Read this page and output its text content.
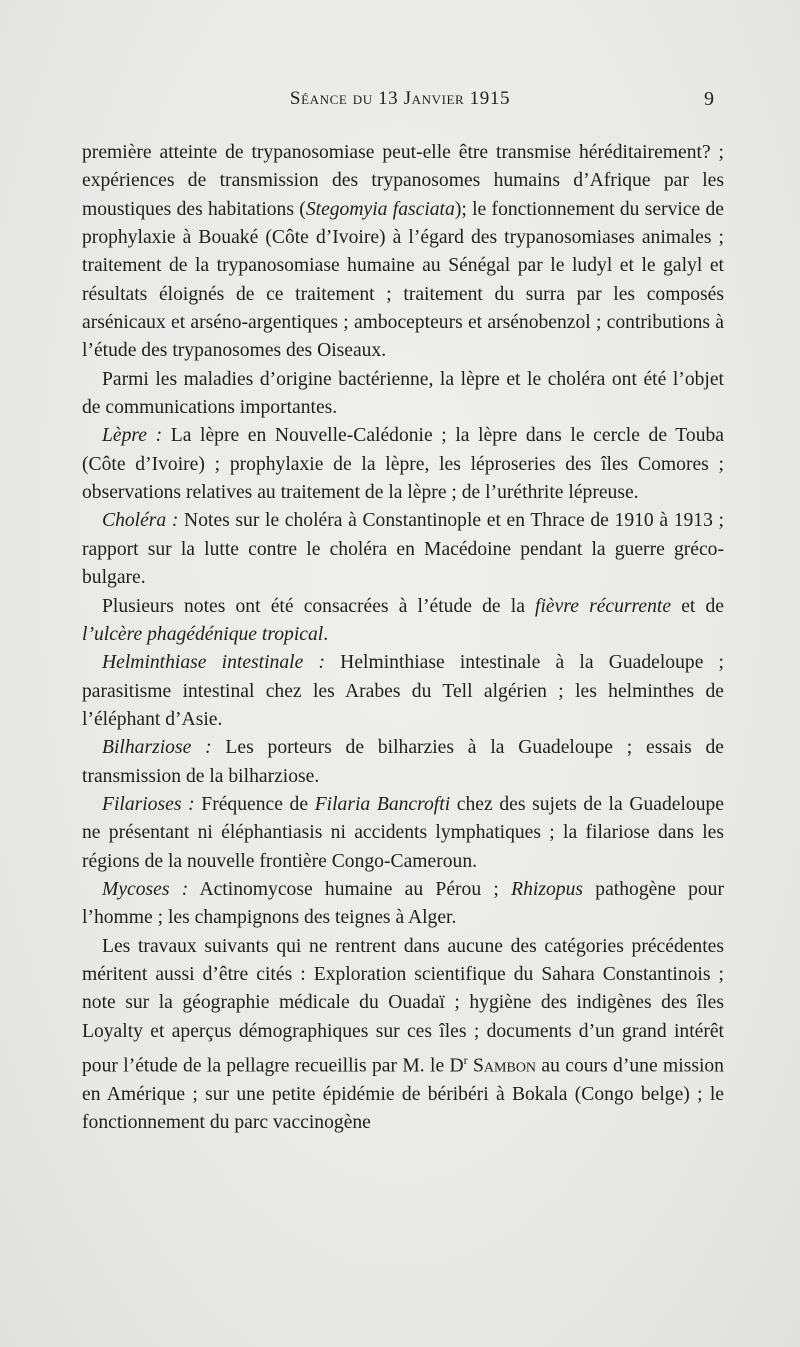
Séance du 13 Janvier 1915	9

première atteinte de trypanosomiase peut-elle être transmise héréditairement? ; expériences de transmission des trypanosomes humains d’Afrique par les moustiques des habitations (Stegomyia fasciata); le fonctionnement du service de prophylaxie à Bouaké (Côte d’Ivoire) à l’égard des trypanosomiases animales ; traitement de la trypanosomiase humaine au Sénégal par le ludyl et le galyl et résultats éloignés de ce traitement ; traitement du surra par les composés arsénicaux et arséno-argentiques ; ambocepteurs et arsénobenzol ; contributions à l’étude des trypanosomes des Oiseaux.

Parmi les maladies d’origine bactérienne, la lèpre et le choléra ont été l’objet de communications importantes.

Lèpre : La lèpre en Nouvelle-Calédonie ; la lèpre dans le cercle de Touba (Côte d’Ivoire) ; prophylaxie de la lèpre, les léproseries des îles Comores ; observations relatives au traitement de la lèpre ; de l’uréthrite lépreuse.

Choléra : Notes sur le choléra à Constantinople et en Thrace de 1910 à 1913 ; rapport sur la lutte contre le choléra en Macédoine pendant la guerre gréco-bulgare.

Plusieurs notes ont été consacrées à l’étude de la fièvre récurrente et de l’ulcère phagédénique tropical.

Helminthiase intestinale : Helminthiase intestinale à la Guadeloupe ; parasitisme intestinal chez les Arabes du Tell algérien ; les helminthes de l’éléphant d’Asie.

Bilharziose : Les porteurs de bilharzies à la Guadeloupe ; essais de transmission de la bilharziose.

Filarioses : Fréquence de Filaria Bancrofti chez des sujets de la Guadeloupe ne présentant ni éléphantiasis ni accidents lymphatiques ; la filariose dans les régions de la nouvelle frontière Congo-Cameroun.

Mycoses : Actinomycose humaine au Pérou ; Rhizopus pathogène pour l’homme ; les champignons des teignes à Alger.

Les travaux suivants qui ne rentrent dans aucune des catégories précédentes méritent aussi d’être cités : Exploration scientifique du Sahara Constantinois ; note sur la géographie médicale du Ouadaï ; hygiène des indigènes des îles Loyalty et aperçus démographiques sur ces îles ; documents d’un grand intérêt pour l’étude de la pellagre recueillis par M. le $D^r$ Sambon au cours d’une mission en Amérique ; sur une petite épidémie de béribéri à Bokala (Congo belge) ; le fonctionnement du parc vaccinogène
